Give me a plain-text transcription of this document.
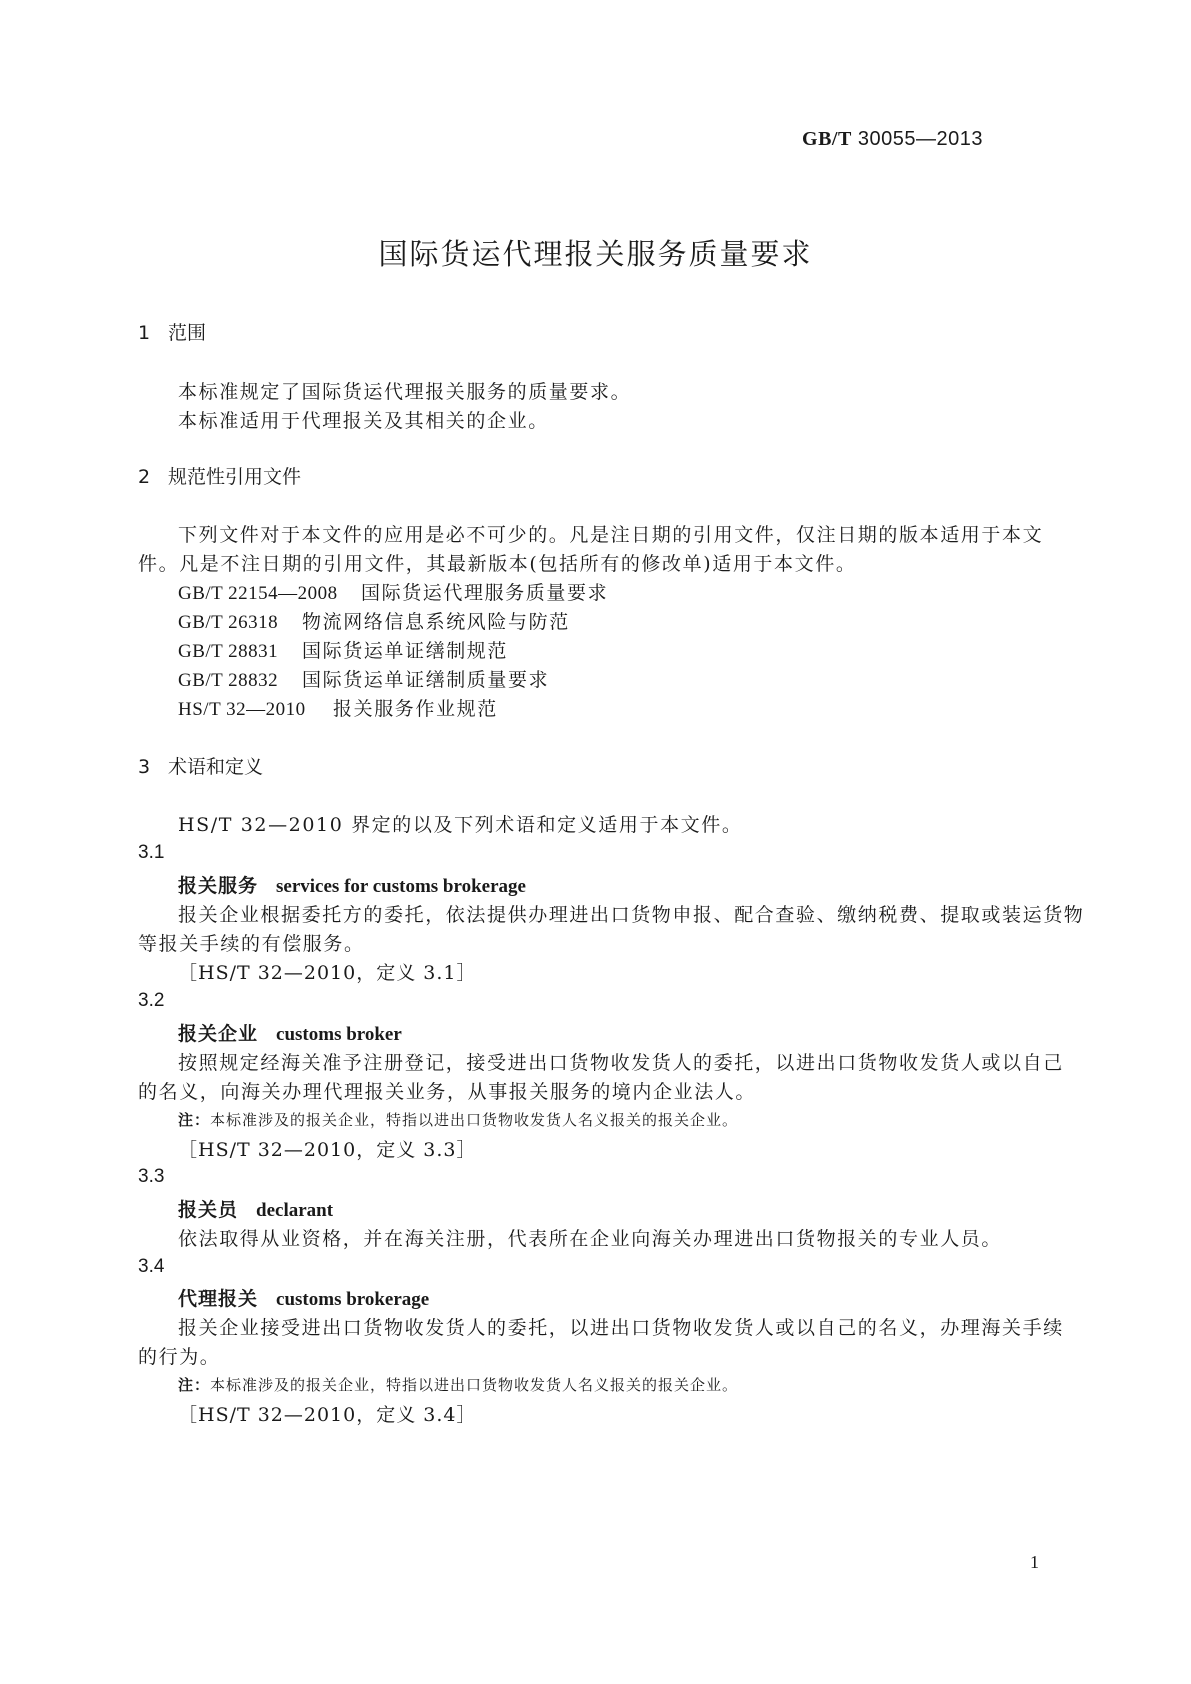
GB/T 30055—2013
国际货运代理报关服务质量要求
1 范围
本标准规定了国际货运代理报关服务的质量要求。
本标准适用于代理报关及其相关的企业。
2 规范性引用文件
下列文件对于本文件的应用是必不可少的。凡是注日期的引用文件，仅注日期的版本适用于本文
件。凡是不注日期的引用文件，其最新版本(包括所有的修改单)适用于本文件。
GB/T 22154—2008 国际货运代理服务质量要求
GB/T 26318 物流网络信息系统风险与防范
GB/T 28831 国际货运单证缮制规范
GB/T 28832 国际货运单证缮制质量要求
HS/T 32—2010 报关服务作业规范
3 术语和定义
HS/T 32—2010 界定的以及下列术语和定义适用于本文件。
3.1
报关服务 services for customs brokerage
报关企业根据委托方的委托，依法提供办理进出口货物申报、配合查验、缴纳税费、提取或装运货物
等报关手续的有偿服务。
［HS/T 32—2010，定义 3.1］
3.2
报关企业 customs broker
按照规定经海关准予注册登记，接受进出口货物收发货人的委托，以进出口货物收发货人或以自己
的名义，向海关办理代理报关业务，从事报关服务的境内企业法人。
注：本标准涉及的报关企业，特指以进出口货物收发货人名义报关的报关企业。
［HS/T 32—2010，定义 3.3］
3.3
报关员 declarant
依法取得从业资格，并在海关注册，代表所在企业向海关办理进出口货物报关的专业人员。
3.4
代理报关 customs brokerage
报关企业接受进出口货物收发货人的委托，以进出口货物收发货人或以自己的名义，办理海关手续
的行为。
注：本标准涉及的报关企业，特指以进出口货物收发货人名义报关的报关企业。
［HS/T 32—2010，定义 3.4］
1
